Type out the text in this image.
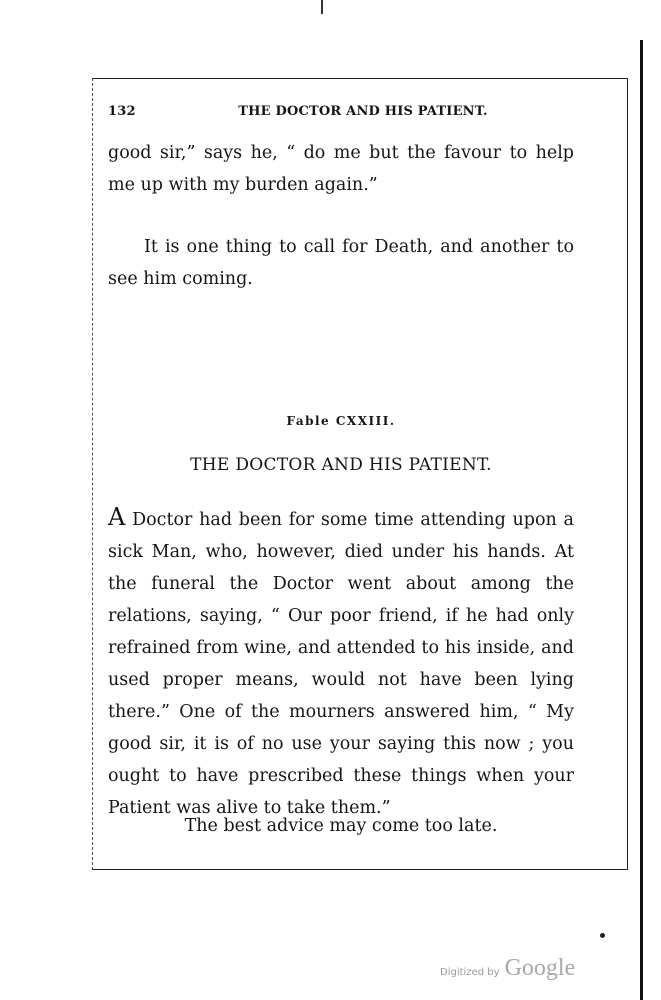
132	THE DOCTOR AND HIS PATIENT.
good sir,” says he, “ do me but the favour to help me up with my burden again.”
It is one thing to call for Death, and another to see him coming.
Fable CXXIII.
THE DOCTOR AND HIS PATIENT.
A Doctor had been for some time attending upon a sick Man, who, however, died under his hands. At the funeral the Doctor went about among the relations, saying, “ Our poor friend, if he had only refrained from wine, and attended to his inside, and used proper means, would not have been lying there.” One of the mourners answered him, “ My good sir, it is of no use your saying this now ; you ought to have prescribed these things when your Patient was alive to take them.”
The best advice may come too late.
Digitized by Google
